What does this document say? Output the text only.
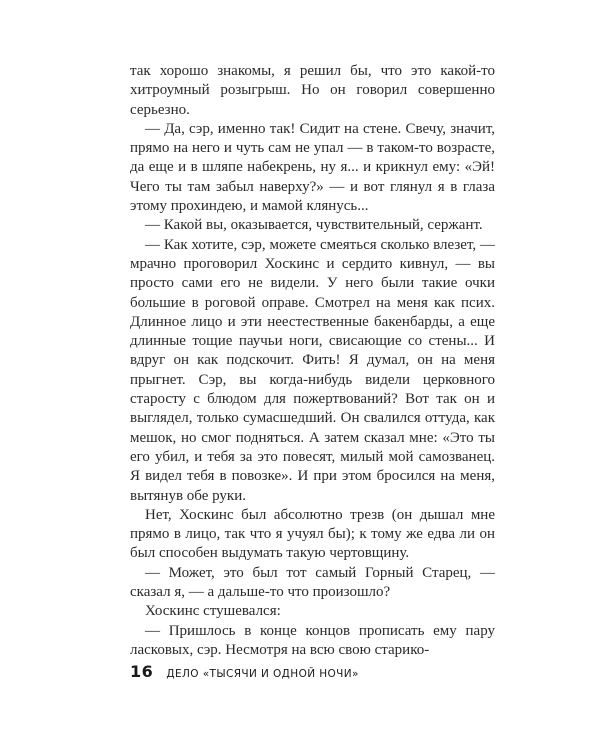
так хорошо знакомы, я решил бы, что это какой-то хитроумный розыгрыш. Но он говорил совершенно серьезно.

— Да, сэр, именно так! Сидит на стене. Свечу, значит, прямо на него и чуть сам не упал — в таком-то возрасте, да еще и в шляпе набекрень, ну я... и крикнул ему: «Эй! Чего ты там забыл наверху?» — и вот глянул я в глаза этому прохиндею, и мамой клянусь...

— Какой вы, оказывается, чувствительный, сержант.

— Как хотите, сэр, можете смеяться сколько влезет, — мрачно проговорил Хоскинс и сердито кивнул, — вы просто сами его не видели. У него были такие очки большие в роговой оправе. Смотрел на меня как псих. Длинное лицо и эти неестественные бакенбарды, а еще длинные тощие паучьи ноги, свисающие со стены... И вдруг он как подскочит. Фить! Я думал, он на меня прыгнет. Сэр, вы когда-нибудь видели церковного старосту с блюдом для пожертвований? Вот так он и выглядел, только сумасшедший. Он свалился оттуда, как мешок, но смог подняться. А затем сказал мне: «Это ты его убил, и тебя за это повесят, милый мой самозванец. Я видел тебя в повозке». И при этом бросился на меня, вытянув обе руки.

Нет, Хоскинс был абсолютно трезв (он дышал мне прямо в лицо, так что я учуял бы); к тому же едва ли он был способен выдумать такую чертовщину.

— Может, это был тот самый Горный Старец, — сказал я, — а дальше-то что произошло?

Хоскинс стушевался:

— Пришлось в конце концов прописать ему пару ласковых, сэр. Несмотря на всю свою старико-

16 ДЕЛО «ТЫСЯЧИ И ОДНОЙ НОЧИ»
